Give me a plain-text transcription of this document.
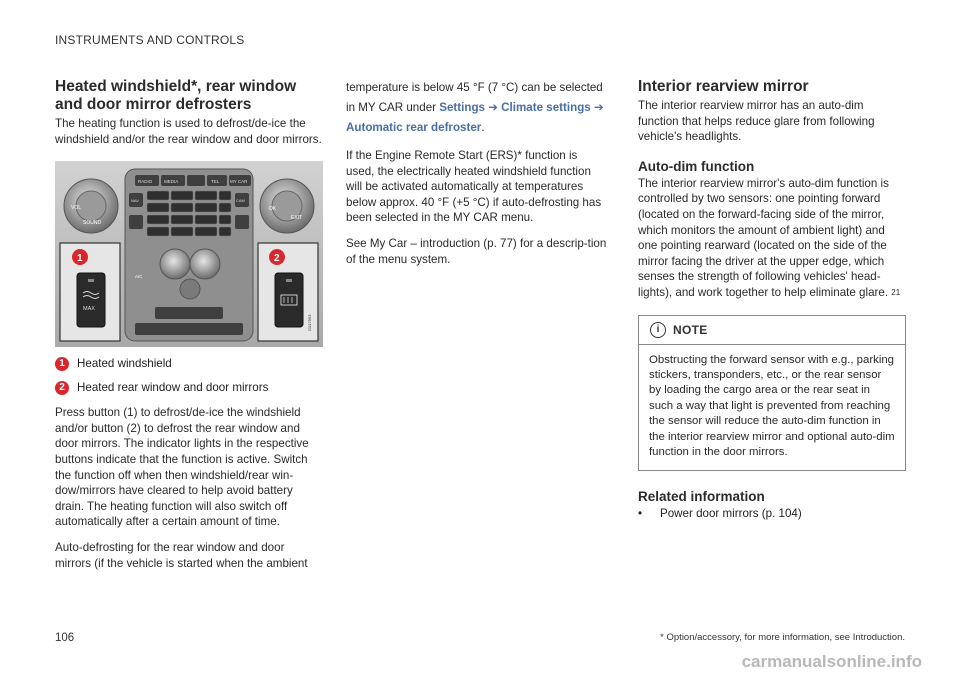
INSTRUMENTS AND CONTROLS
Heated windshield*, rear window and door mirror defrosters

The heating function is used to defrost/de-ice the windshield and/or the rear window and door mirrors.

VOL
SOUND
OK
EXIT
RADIO	MEDIA	TEL MY CAR
NAV	CAM
A/C
1
MAX
2
G017963
1	Heated windshield
2	Heated rear window and door mirrors

Press button (1) to defrost/de-ice the windshield and/or button (2) to defrost the rear window and door mirrors. The indicator lights in the respective buttons indicate that the function is active. Switch the function off when then windshield/rear win-dow/mirrors have cleared to help avoid battery drain. The heating function will also switch off automatically after a certain amount of time.

Auto-defrosting for the rear window and door mirrors (if the vehicle is started when the ambient

temperature is below 45 °F (7 °C) can be selected in MY CAR under Settings ➔ Climate settings ➔ Automatic rear defroster.

If the Engine Remote Start (ERS)* function is used, the electrically heated windshield function will be activated automatically at temperatures below approx. 40 °F (+5 °C) if auto-defrosting has been selected in the MY CAR menu.

See My Car – introduction (p. 77) for a descrip-tion of the menu system.

Interior rearview mirror

The interior rearview mirror has an auto-dim function that helps reduce glare from following vehicle's headlights.

Auto-dim function

The interior rearview mirror's auto-dim function is controlled by two sensors: one pointing forward (located on the forward-facing side of the mirror, which monitors the amount of ambient light) and one pointing rearward (located on the side of the mirror facing the driver at the upper edge, which senses the strength of following vehicles' head-lights), and work together to help eliminate glare. $^{21}$

i	NOTE

Obstructing the forward sensor with e.g., parking stickers, transponders, etc., or the rear sensor by loading the cargo area or the rear seat in such a way that light is prevented from reaching the sensor will reduce the auto-dim function in the interior rearview mirror and optional auto-dim function in the door mirrors.

Related information
• Power door mirrors (p. 104)
106	* Option/accessory, for more information, see Introduction.
carmanualsonline.info
